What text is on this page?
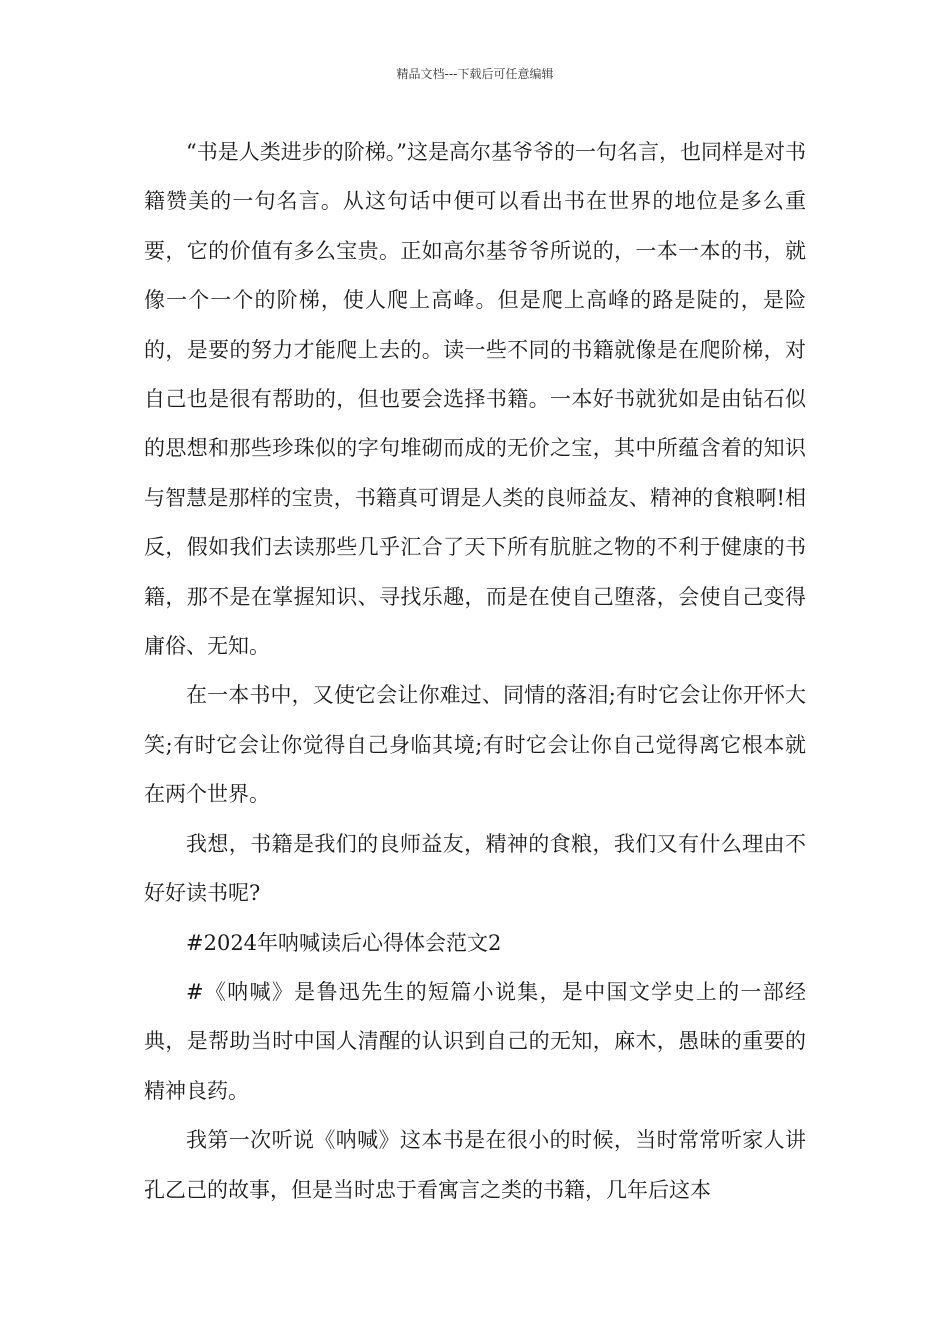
精品文档---下载后可任意编辑

“书是人类进步的阶梯。”这是高尔基爷爷的一句名言，也同样是对书籍赞美的一句名言。从这句话中便可以看出书在世界的地位是多么重要，它的价值有多么宝贵。正如高尔基爷爷所说的，一本一本的书，就像一个一个的阶梯，使人爬上高峰。但是爬上高峰的路是陡的，是险的，是要的努力才能爬上去的。读一些不同的书籍就像是在爬阶梯，对自己也是很有帮助的，但也要会选择书籍。一本好书就犹如是由钻石似的思想和那些珍珠似的字句堆砌而成的无价之宝，其中所蕴含着的知识与智慧是那样的宝贵，书籍真可谓是人类的良师益友、精神的食粮啊!相反，假如我们去读那些几乎汇合了天下所有肮脏之物的不利于健康的书籍，那不是在掌握知识、寻找乐趣，而是在使自己堕落，会使自己变得庸俗、无知。

在一本书中，又使它会让你难过、同情的落泪;有时它会让你开怀大笑;有时它会让你觉得自己身临其境;有时它会让你自己觉得离它根本就在两个世界。

我想，书籍是我们的良师益友，精神的食粮，我们又有什么理由不好好读书呢?

#2024年呐喊读后心得体会范文2

#《呐喊》是鲁迅先生的短篇小说集，是中国文学史上的一部经典，是帮助当时中国人清醒的认识到自己的无知，麻木，愚昧的重要的精神良药。

我第一次听说《呐喊》这本书是在很小的时候，当时常常听家人讲孔乙己的故事，但是当时忠于看寓言之类的书籍，几年后这本
